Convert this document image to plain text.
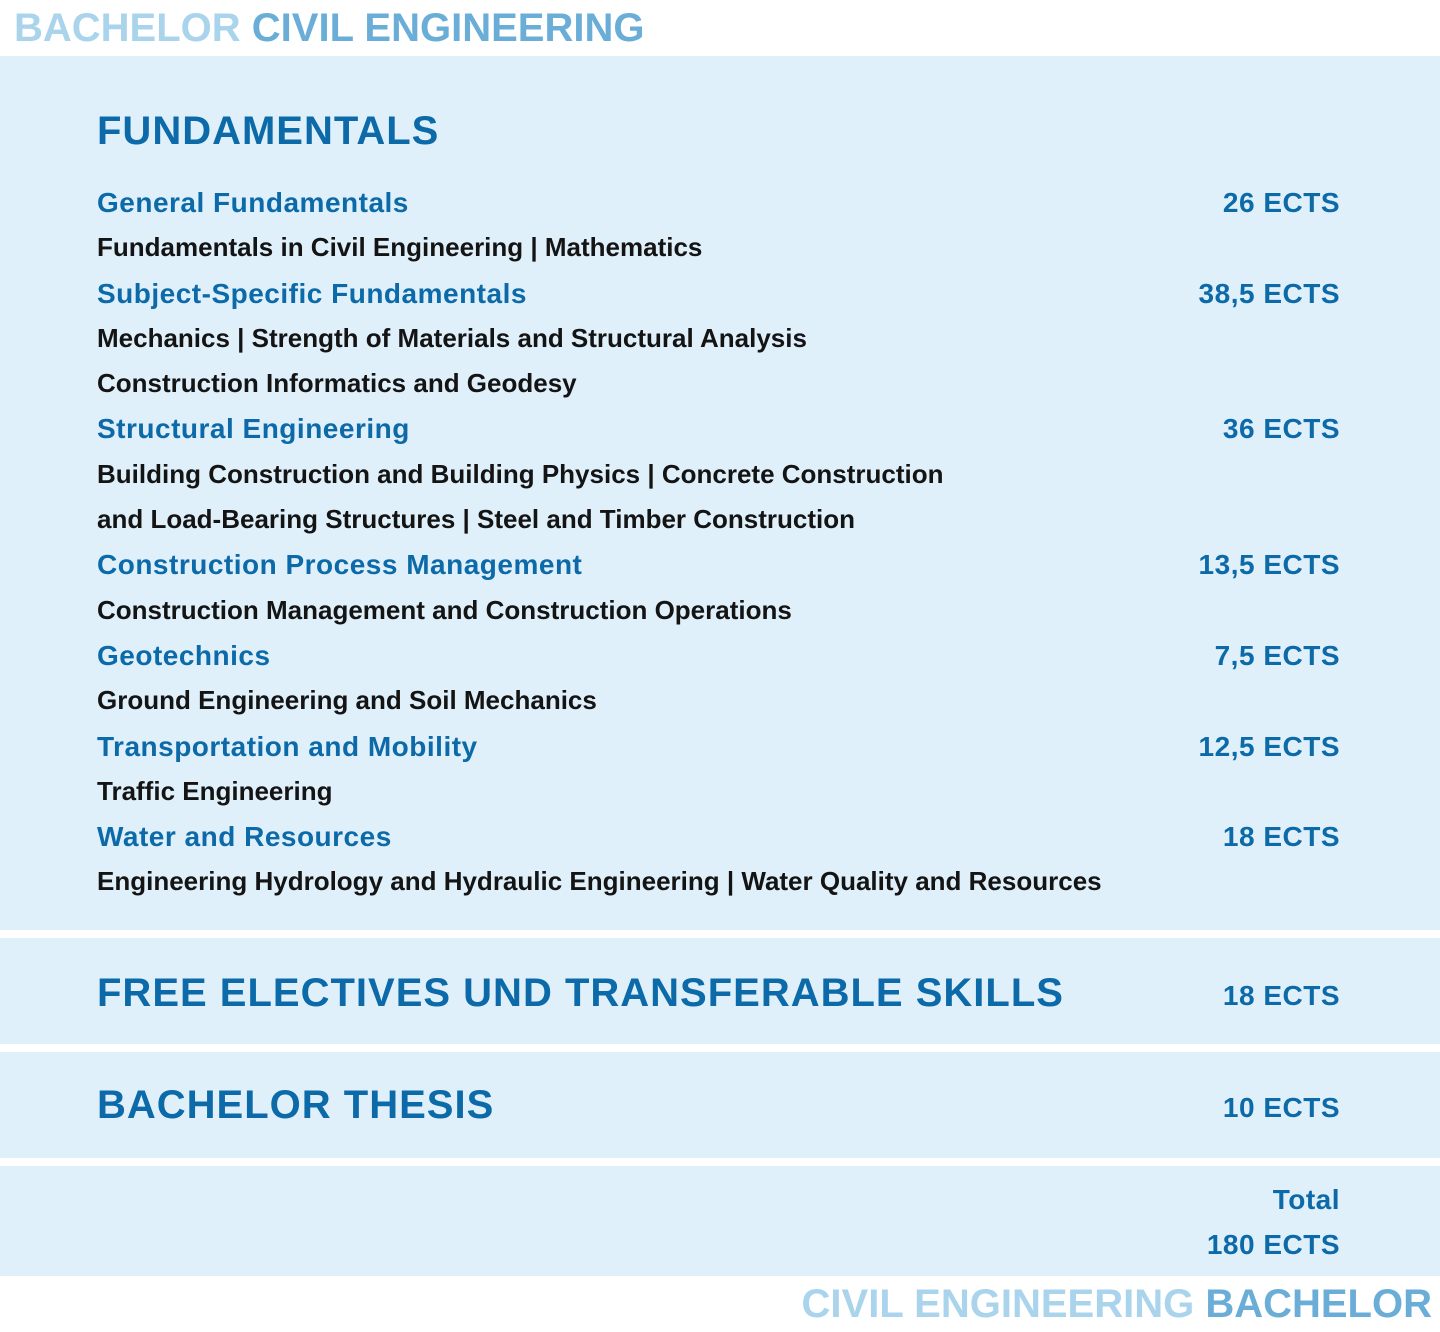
BACHELOR CIVIL ENGINEERING
FUNDAMENTALS
General Fundamentals	26 ECTS
Fundamentals in Civil Engineering | Mathematics
Subject-Specific Fundamentals	38,5 ECTS
Mechanics | Strength of Materials and Structural Analysis
Construction Informatics and Geodesy
Structural Engineering	36 ECTS
Building Construction and Building Physics | Concrete Construction
and Load-Bearing Structures | Steel and Timber Construction
Construction Process Management	13,5 ECTS
Construction Management and Construction Operations
Geotechnics	7,5 ECTS
Ground Engineering and Soil Mechanics
Transportation and Mobility	12,5 ECTS
Traffic Engineering
Water and Resources	18 ECTS
Engineering Hydrology and Hydraulic Engineering | Water Quality and Resources
FREE ELECTIVES UND TRANSFERABLE SKILLS	18 ECTS
BACHELOR THESIS	10 ECTS
Total
180 ECTS
CIVIL ENGINEERING BACHELOR
